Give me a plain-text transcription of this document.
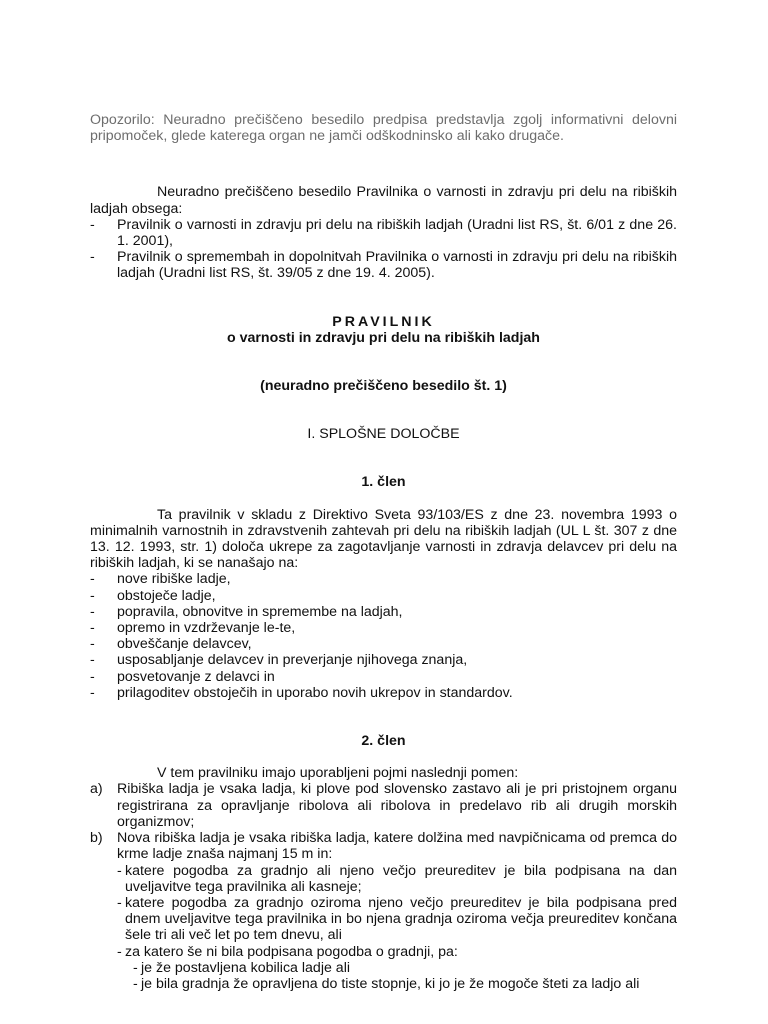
Opozorilo: Neuradno prečiščeno besedilo predpisa predstavlja zgolj informativni delovni pripomoček, glede katerega organ ne jamči odškodninsko ali kako drugače.

Neuradno prečiščeno besedilo Pravilnika o varnosti in zdravju pri delu na ribiških ladjah obsega:

- Pravilnik o varnosti in zdravju pri delu na ribiških ladjah (Uradni list RS, št. 6/01 z dne 26. 1. 2001),
- Pravilnik o spremembah in dopolnitvah Pravilnika o varnosti in zdravju pri delu na ribiških ladjah (Uradni list RS, št. 39/05 z dne 19. 4. 2005).
PRAVILNIK
o varnosti in zdravju pri delu na ribiških ladjah
(neuradno prečiščeno besedilo št. 1)
I. SPLOŠNE DOLOČBE
1. člen

Ta pravilnik v skladu z Direktivo Sveta 93/103/ES z dne 23. novembra 1993 o minimalnih varnostnih in zdravstvenih zahtevah pri delu na ribiških ladjah (UL L št. 307 z dne 13. 12. 1993, str. 1) določa ukrepe za zagotavljanje varnosti in zdravja delavcev pri delu na ribiških ladjah, ki se nanašajo na:

- nove ribiške ladje,
- obstoječe ladje,
- popravila, obnovitve in spremembe na ladjah,
- opremo in vzdrževanje le-te,
- obveščanje delavcev,
- usposabljanje delavcev in preverjanje njihovega znanja,
- posvetovanje z delavci in
- prilagoditev obstoječih in uporabo novih ukrepov in standardov.
2. člen

V tem pravilniku imajo uporabljeni pojmi naslednji pomen:

a) Ribiška ladja je vsaka ladja, ki plove pod slovensko zastavo ali je pri pristojnem organu registrirana za opravljanje ribolova ali ribolova in predelavo rib ali drugih morskih organizmov;
b) Nova ribiška ladja je vsaka ribiška ladja, katere dolžina med navpičnicama od premca do krme ladje znaša najmanj 15 m in:
- katere pogodba za gradnjo ali njeno večjo preureditev je bila podpisana na dan uveljavitve tega pravilnika ali kasneje;
- katere pogodba za gradnjo oziroma njeno večjo preureditev je bila podpisana pred dnem uveljavitve tega pravilnika in bo njena gradnja oziroma večja preureditev končana šele tri ali več let po tem dnevu, ali
- za katero še ni bila podpisana pogodba o gradnji, pa:
- je že postavljena kobilica ladje ali
- je bila gradnja že opravljena do tiste stopnje, ki jo je že mogoče šteti za ladjo ali
